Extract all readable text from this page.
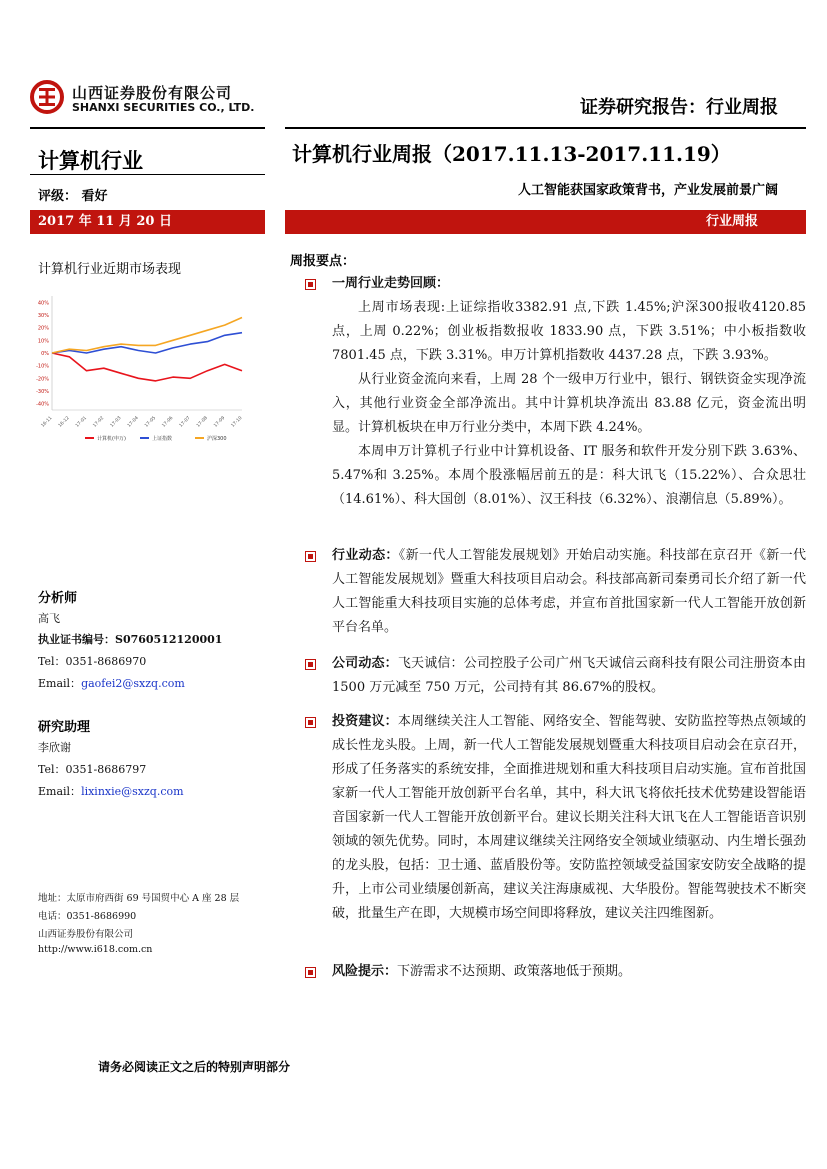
山西证券股份有限公司
SHANXI SECURITIES CO., LTD.	证券研究报告：行业周报
计算机行业	计算机行业周报（2017.11.13-2017.11.19）
评级： 看好	人工智能获国家政策背书，产业发展前景广阔
2017 年 11 月 20 日	行业周报
计算机行业近期市场表现
40%
30%
20%
10%
0%
-10%
-20%
-30%
-40%
16-11 16-12 17-01 17-02 17-03 17-04 17-05 17-06 17-07 17-08 17-09 17-10
计算机(申万)	上证指数	沪深300
分析师
高飞
执业证书编号：S0760512120001
Tel：0351-8686970
Email：gaofei2@sxzq.com
研究助理
李欣谢
Tel：0351-8686797
Email：lixinxie@sxzq.com
地址：太原市府西街 69 号国贸中心 A 座 28 层
电话：0351-8686990
山西证券股份有限公司
http://www.i618.com.cn
周报要点：
一周行业走势回顾：
上周市场表现:上证综指收3382.91 点,下跌 1.45%;沪深300报收4120.85点，上周 0.22%；创业板指数报收 1833.90 点，下跌 3.51%；中小板指数收7801.45 点，下跌 3.31%。申万计算机指数收 4437.28 点，下跌 3.93%。
从行业资金流向来看，上周 28 个一级申万行业中，银行、钢铁资金实现净流入，其他行业资金全部净流出。其中计算机块净流出 83.88 亿元，资金流出明显。计算机板块在申万行业分类中，本周下跌 4.24%。
本周申万计算机子行业中计算机设备、IT 服务和软件开发分别下跌 3.63%、5.47%和 3.25%。本周个股涨幅居前五的是：科大讯飞（15.22%）、合众思壮（14.61%）、科大国创（8.01%）、汉王科技（6.32%）、浪潮信息（5.89%）。
行业动态：《新一代人工智能发展规划》开始启动实施。科技部在京召开《新一代人工智能发展规划》暨重大科技项目启动会。科技部高新司秦勇司长介绍了新一代人工智能重大科技项目实施的总体考虑，并宣布首批国家新一代人工智能开放创新平台名单。
公司动态：飞天诚信：公司控股子公司广州飞天诚信云商科技有限公司注册资本由 1500 万元减至 750 万元，公司持有其 86.67%的股权。
投资建议：本周继续关注人工智能、网络安全、智能驾驶、安防监控等热点领域的成长性龙头股。上周，新一代人工智能发展规划暨重大科技项目启动会在京召开，形成了任务落实的系统安排，全面推进规划和重大科技项目启动实施。宣布首批国家新一代人工智能开放创新平台名单，其中，科大讯飞将依托技术优势建设智能语音国家新一代人工智能开放创新平台。建议长期关注科大讯飞在人工智能语音识别领域的领先优势。同时，本周建议继续关注网络安全领域业绩驱动、内生增长强劲的龙头股，包括：卫士通、蓝盾股份等。安防监控领域受益国家安防安全战略的提升，上市公司业绩屡创新高，建议关注海康威视、大华股份。智能驾驶技术不断突破，批量生产在即，大规模市场空间即将释放，建议关注四维图新。
风险提示：下游需求不达预期、政策落地低于预期。
请务必阅读正文之后的特别声明部分
